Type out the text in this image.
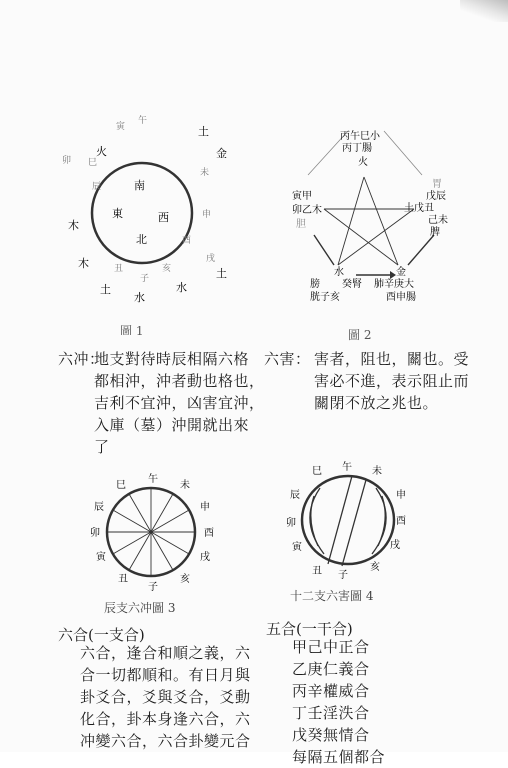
南
東	西
北
寅
午
卯
未
申
酉
戌
亥
子
丑
辰
巳
火
土
金
木
木
土
水
土
水
圖 1
丙午巳小
丙丁腸
火
胃
戊辰
土戊丑
己未
脾
寅甲
卯乙木
胆
水
膀 癸腎
胱子亥
金
肺辛庚大
酉申腸
圖 2
六冲：
地支對待時辰相隔六格
都相沖，沖者動也格也，
吉利不宜沖，凶害宜沖，
入庫（墓）沖開就出來
了
六害： 害者，阻也，關也。受
害必不進，表示阻止而
關閉不放之兆也。
午
未
申
酉
戌
亥
子
丑
寅
卯
辰
巳
辰支六冲圖 3
午 未
申
酉
戌
亥
子
丑
寅
卯
辰
巳
十二支六害圖 4
六合(一支合)
六合，逢合和順之義，六
合一切都順和。有日月與
卦爻合，爻與爻合，爻動
化合，卦本身逢六合，六
冲變六合，六合卦變元合
五合(一干合)
甲己中正合
乙庚仁義合
丙辛權威合
丁壬淫泆合
戊癸無情合
每隔五個都合
